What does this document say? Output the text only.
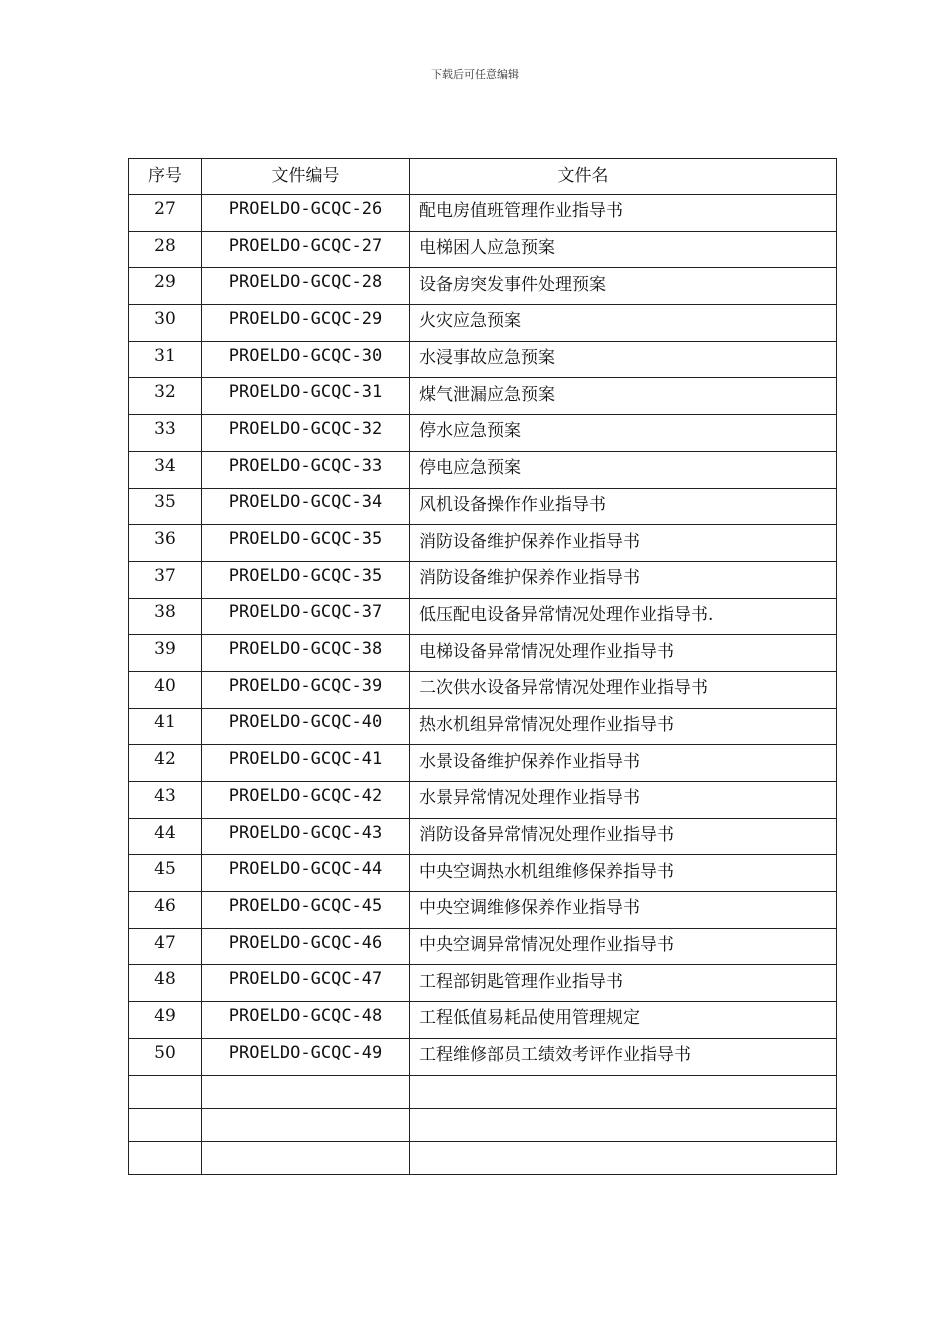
下载后可任意编辑
序号	文件编号	文件名
27	PROELDO-GCQC-26	配电房值班管理作业指导书
28	PROELDO-GCQC-27	电梯困人应急预案
29	PROELDO-GCQC-28	设备房突发事件处理预案
30	PROELDO-GCQC-29	火灾应急预案
31	PROELDO-GCQC-30	水浸事故应急预案
32	PROELDO-GCQC-31	煤气泄漏应急预案
33	PROELDO-GCQC-32	停水应急预案
34	PROELDO-GCQC-33	停电应急预案
35	PROELDO-GCQC-34	风机设备操作作业指导书
36	PROELDO-GCQC-35	消防设备维护保养作业指导书
37	PROELDO-GCQC-35	消防设备维护保养作业指导书
38	PROELDO-GCQC-37	低压配电设备异常情况处理作业指导书.
39	PROELDO-GCQC-38	电梯设备异常情况处理作业指导书
40	PROELDO-GCQC-39	二次供水设备异常情况处理作业指导书
41	PROELDO-GCQC-40	热水机组异常情况处理作业指导书
42	PROELDO-GCQC-41	水景设备维护保养作业指导书
43	PROELDO-GCQC-42	水景异常情况处理作业指导书
44	PROELDO-GCQC-43	消防设备异常情况处理作业指导书
45	PROELDO-GCQC-44	中央空调热水机组维修保养指导书
46	PROELDO-GCQC-45	中央空调维修保养作业指导书
47	PROELDO-GCQC-46	中央空调异常情况处理作业指导书
48	PROELDO-GCQC-47	工程部钥匙管理作业指导书
49	PROELDO-GCQC-48	工程低值易耗品使用管理规定
50	PROELDO-GCQC-49	工程维修部员工绩效考评作业指导书
